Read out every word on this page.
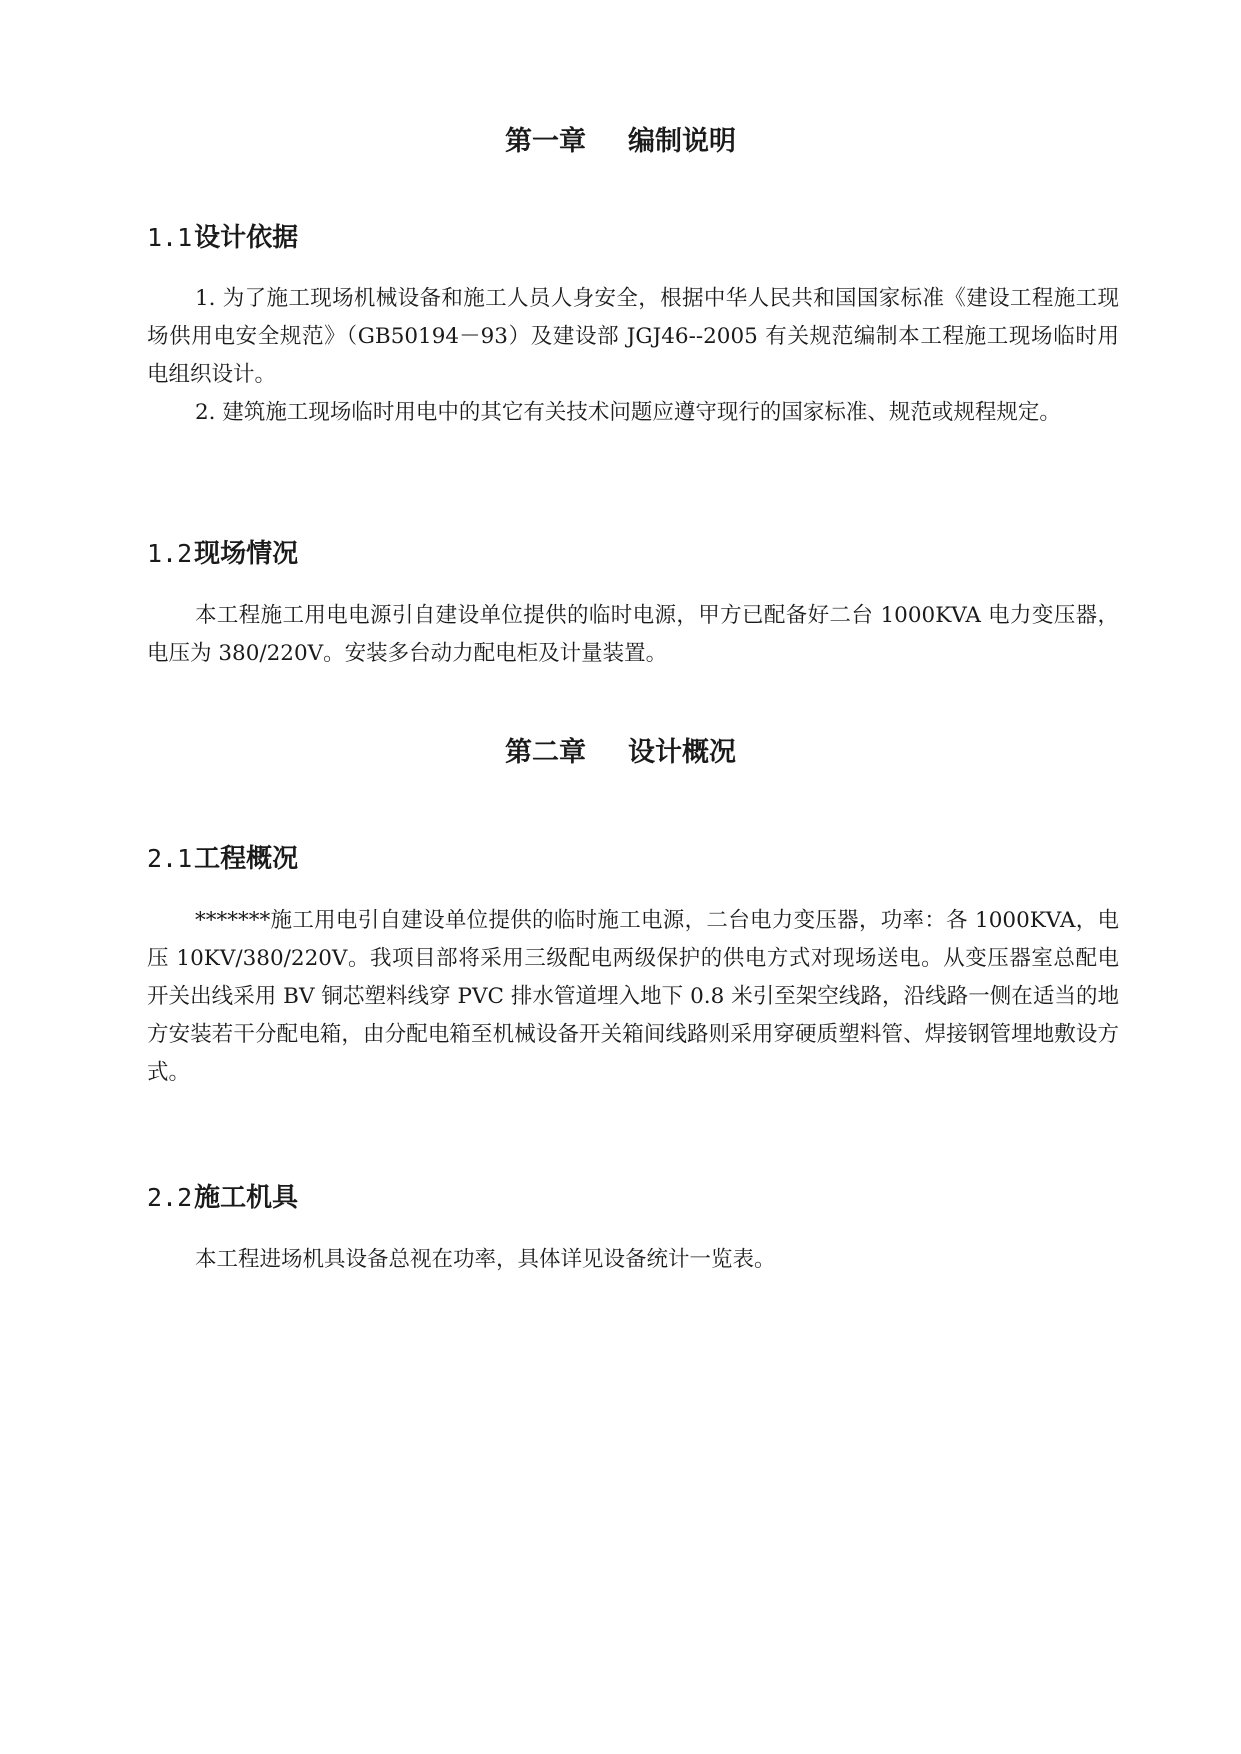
第一章 编制说明
1.1设计依据

1. 为了施工现场机械设备和施工人员人身安全，根据中华人民共和国国家标准《建设工程施工现场供用电安全规范》（GB50194－93）及建设部 JGJ46--2005 有关规范编制本工程施工现场临时用电组织设计。

2. 建筑施工现场临时用电中的其它有关技术问题应遵守现行的国家标准、规范或规程规定。

1.2现场情况

本工程施工用电电源引自建设单位提供的临时电源，甲方已配备好二台 1000KVA 电力变压器，电压为 380/220V。安装多台动力配电柜及计量装置。

第二章 设计概况
2.1工程概况

*******施工用电引自建设单位提供的临时施工电源，二台电力变压器，功率：各 1000KVA，电压 10KV/380/220V。我项目部将采用三级配电两级保护的供电方式对现场送电。从变压器室总配电开关出线采用 BV 铜芯塑料线穿 PVC 排水管道埋入地下 0.8 米引至架空线路，沿线路一侧在适当的地方安装若干分配电箱，由分配电箱至机械设备开关箱间线路则采用穿硬质塑料管、焊接钢管埋地敷设方式。

2.2施工机具

本工程进场机具设备总视在功率，具体详见设备统计一览表。
